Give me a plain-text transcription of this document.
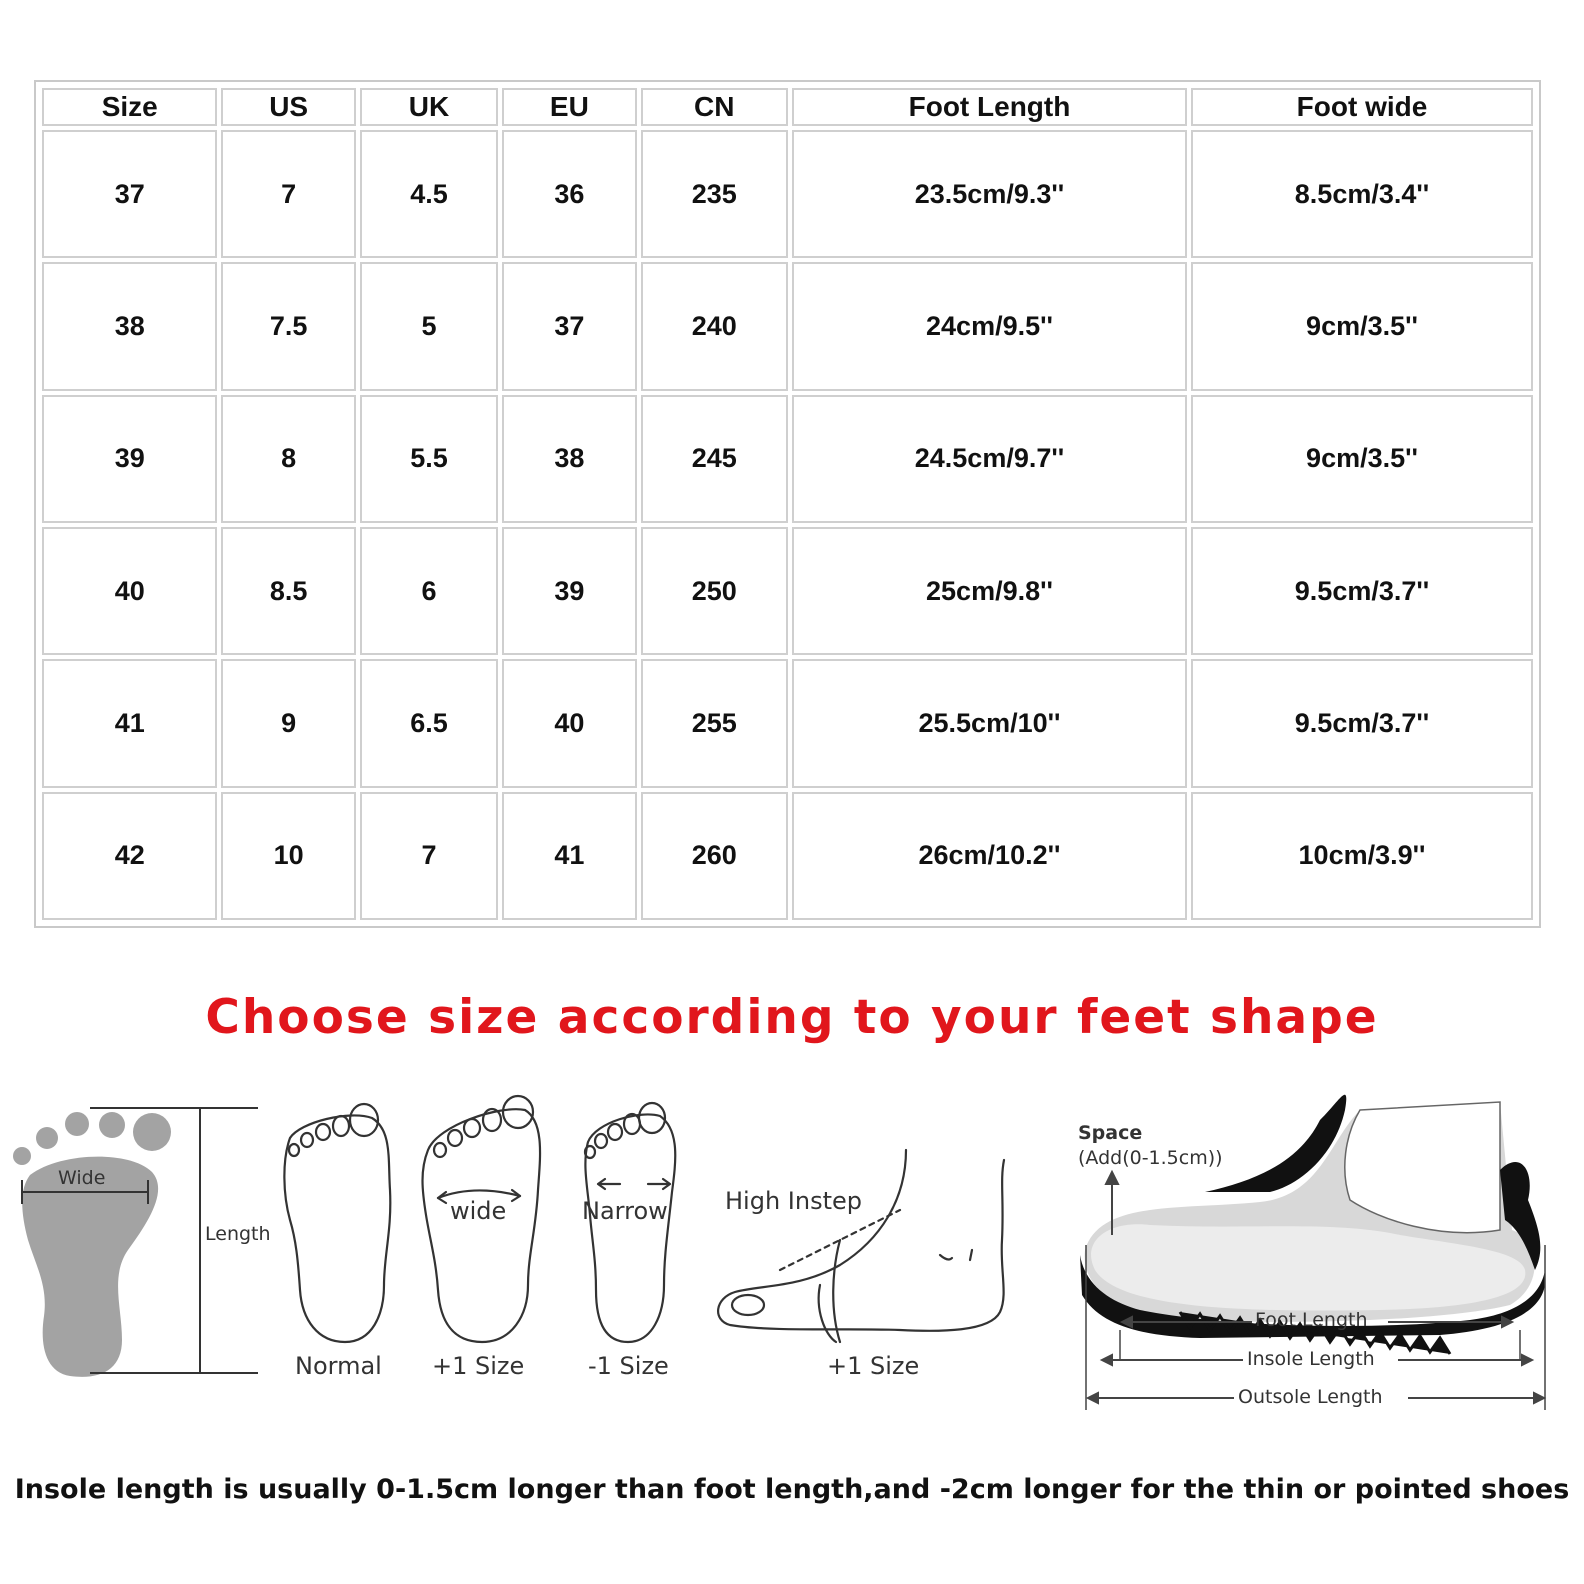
Size	US	UK	EU	CN	Foot Length	Foot wide
37	7	4.5	36	235	23.5cm/9.3''	8.5cm/3.4''
38	7.5	5	37	240	24cm/9.5''	9cm/3.5''
39	8	5.5	38	245	24.5cm/9.7''	9cm/3.5''
40	8.5	6	39	250	25cm/9.8''	9.5cm/3.7''
41	9	6.5	40	255	25.5cm/10''	9.5cm/3.7''
42	10	7	41	260	26cm/10.2''	10cm/3.9''
Choose size according to your feet shape
Wide
Length
Normal +1 Size
wide
-1 Size
Narrow
+1 Size
High Instep
Space
(Add(0-1.5cm))
Foot Length
Insole Length
Outsole Length
Insole length is usually 0-1.5cm longer than foot length,and -2cm longer for the thin or pointed shoes
